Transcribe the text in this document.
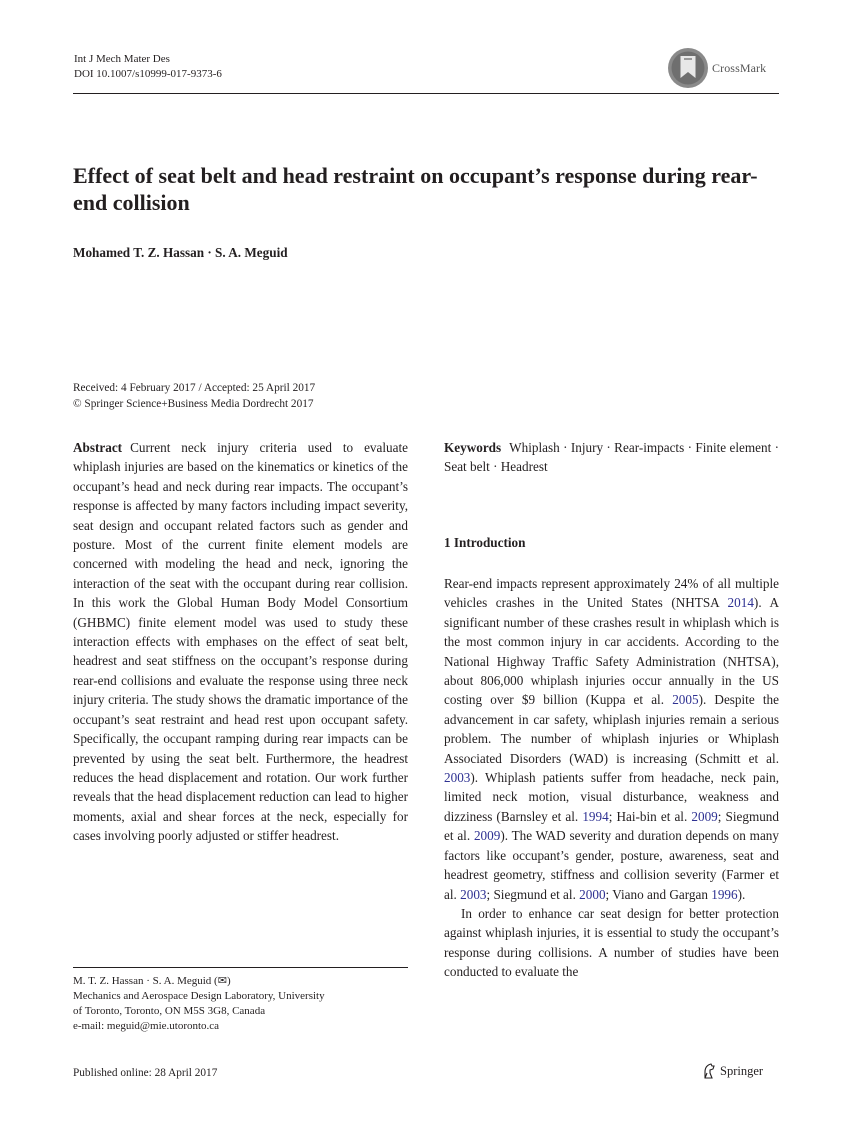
Int J Mech Mater Des
DOI 10.1007/s10999-017-9373-6	CrossMark
Effect of seat belt and head restraint on occupant’s response during rear-end collision
Mohamed T. Z. Hassan · S. A. Meguid
Received: 4 February 2017 / Accepted: 25 April 2017
© Springer Science+Business Media Dordrecht 2017
Abstract Current neck injury criteria used to evaluate whiplash injuries are based on the kinematics or kinetics of the occupant’s head and neck during rear impacts. The occupant’s response is affected by many factors including impact severity, seat design and occupant related factors such as gender and posture. Most of the current finite element models are concerned with modeling the head and neck, ignoring the interaction of the seat with the occupant during rear collision. In this work the Global Human Body Model Consortium (GHBMC) finite element model was used to study these interaction effects with emphases on the effect of seat belt, headrest and seat stiffness on the occupant’s response during rear-end collisions and evaluate the response using three neck injury criteria. The study shows the dramatic importance of the occupant’s seat restraint and head rest upon occupant safety. Specifically, the occupant ramping during rear impacts can be prevented by using the seat belt. Furthermore, the headrest reduces the head displacement and rotation. Our work further reveals that the head displacement reduction can lead to higher moments, axial and shear forces at the neck, especially for cases involving poorly adjusted or stiffer headrest.
Keywords Whiplash · Injury · Rear-impacts · Finite element · Seat belt · Headrest
1 Introduction

Rear-end impacts represent approximately 24% of all multiple vehicles crashes in the United States (NHTSA 2014). A significant number of these crashes result in whiplash which is the most common injury in car accidents. According to the National Highway Traffic Safety Administration (NHTSA), about 806,000 whiplash injuries occur annually in the US costing over $9 billion (Kuppa et al. 2005). Despite the advancement in car safety, whiplash injuries remain a serious problem. The number of whiplash injuries or Whiplash Associated Disorders (WAD) is increasing (Schmitt et al. 2003). Whiplash patients suffer from headache, neck pain, limited neck motion, visual disturbance, weakness and dizziness (Barnsley et al. 1994; Hai-bin et al. 2009; Siegmund et al. 2009). The WAD severity and duration depends on many factors like occupant’s gender, posture, awareness, seat and headrest geometry, stiffness and collision severity (Farmer et al. 2003; Siegmund et al. 2000; Viano and Gargan 1996).

In order to enhance car seat design for better protection against whiplash injuries, it is essential to study the occupant’s response during collisions. A number of studies have been conducted to evaluate the

M. T. Z. Hassan · S. A. Meguid (✉)
Mechanics and Aerospace Design Laboratory, University
of Toronto, Toronto, ON M5S 3G8, Canada
e-mail: meguid@mie.utoronto.ca
Published online: 28 April 2017	Springer
